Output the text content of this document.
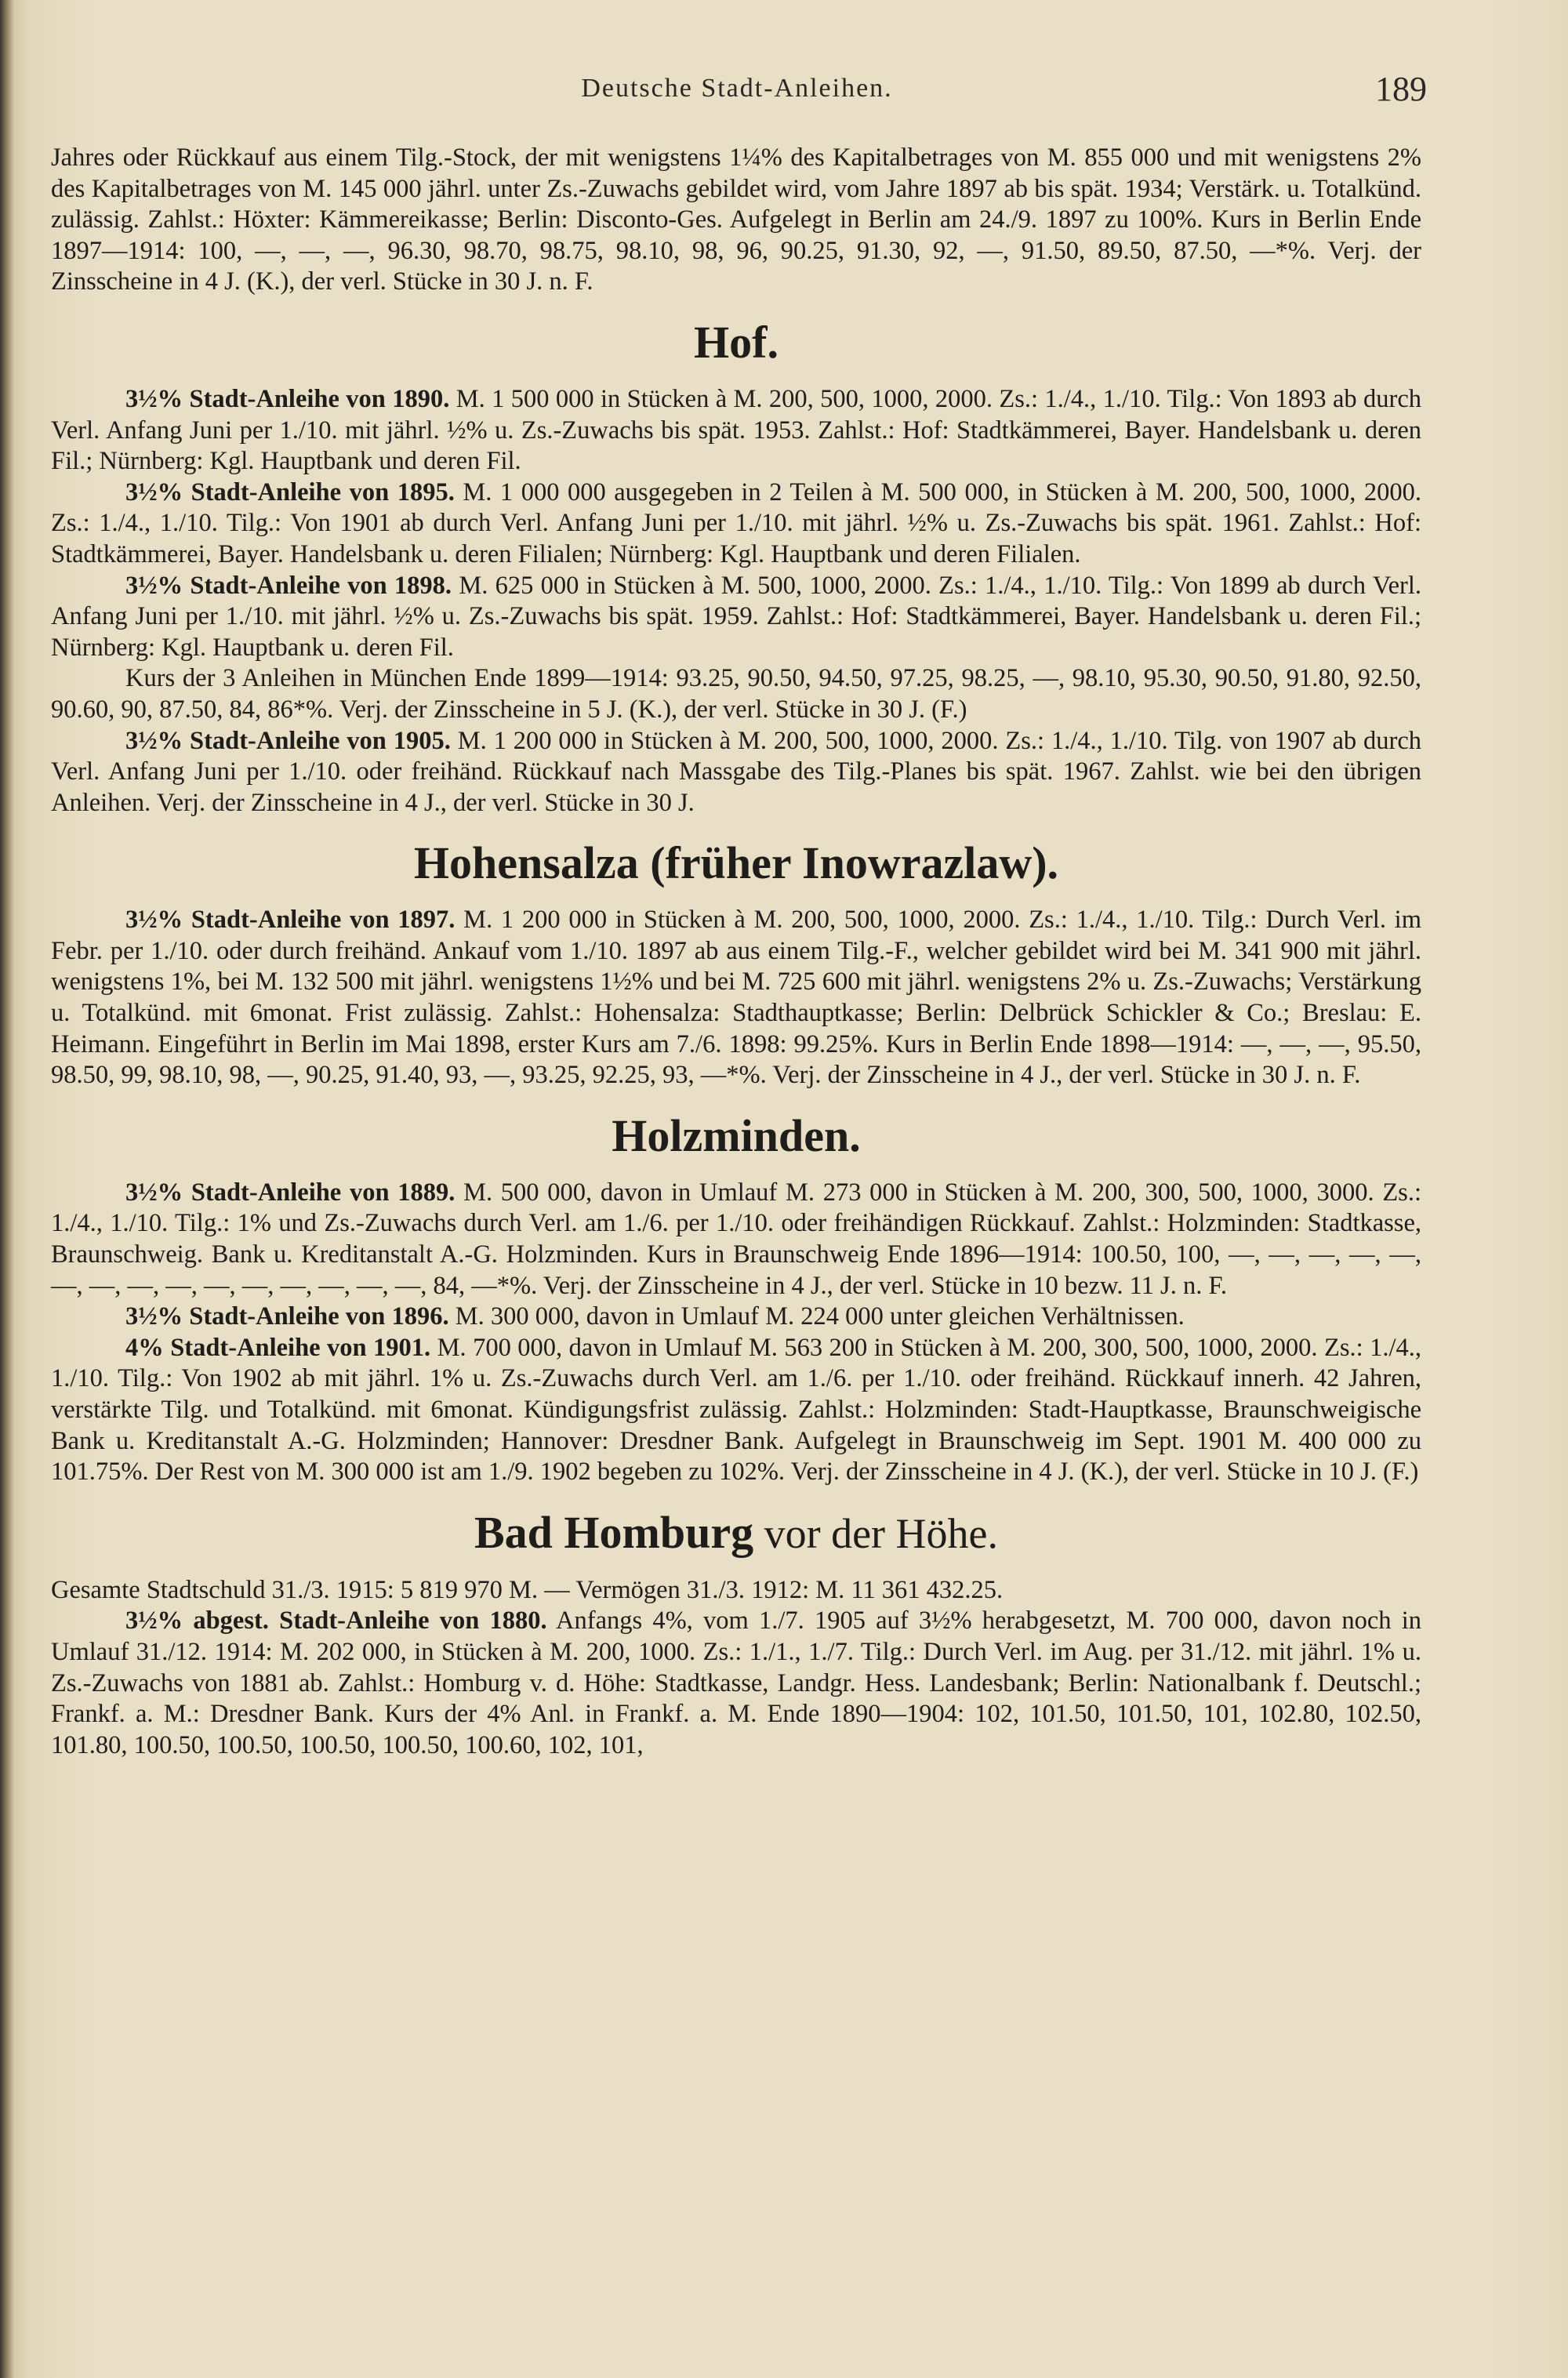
Deutsche Stadt-Anleihen.	189

Jahres oder Rückkauf aus einem Tilg.-Stock, der mit wenigstens 1¼% des Kapitalbetrages von M. 855 000 und mit wenigstens 2% des Kapitalbetrages von M. 145 000 jährl. unter Zs.-Zuwachs gebildet wird, vom Jahre 1897 ab bis spät. 1934; Verstärk. u. Totalkünd. zulässig. Zahlst.: Höxter: Kämmereikasse; Berlin: Disconto-Ges. Aufgelegt in Berlin am 24./9. 1897 zu 100%. Kurs in Berlin Ende 1897—1914: 100, —, —, —, 96.30, 98.70, 98.75, 98.10, 98, 96, 90.25, 91.30, 92, —, 91.50, 89.50, 87.50, —*%. Verj. der Zinsscheine in 4 J. (K.), der verl. Stücke in 30 J. n. F.

Hof.

3½% Stadt-Anleihe von 1890. M. 1 500 000 in Stücken à M. 200, 500, 1000, 2000. Zs.: 1./4., 1./10. Tilg.: Von 1893 ab durch Verl. Anfang Juni per 1./10. mit jährl. ½% u. Zs.-Zuwachs bis spät. 1953. Zahlst.: Hof: Stadtkämmerei, Bayer. Handelsbank u. deren Fil.; Nürnberg: Kgl. Hauptbank und deren Fil.

3½% Stadt-Anleihe von 1895. M. 1 000 000 ausgegeben in 2 Teilen à M. 500 000, in Stücken à M. 200, 500, 1000, 2000. Zs.: 1./4., 1./10. Tilg.: Von 1901 ab durch Verl. Anfang Juni per 1./10. mit jährl. ½% u. Zs.-Zuwachs bis spät. 1961. Zahlst.: Hof: Stadtkämmerei, Bayer. Handelsbank u. deren Filialen; Nürnberg: Kgl. Hauptbank und deren Filialen.

3½% Stadt-Anleihe von 1898. M. 625 000 in Stücken à M. 500, 1000, 2000. Zs.: 1./4., 1./10. Tilg.: Von 1899 ab durch Verl. Anfang Juni per 1./10. mit jährl. ½% u. Zs.-Zuwachs bis spät. 1959. Zahlst.: Hof: Stadtkämmerei, Bayer. Handelsbank u. deren Fil.; Nürnberg: Kgl. Hauptbank u. deren Fil.

Kurs der 3 Anleihen in München Ende 1899—1914: 93.25, 90.50, 94.50, 97.25, 98.25, —, 98.10, 95.30, 90.50, 91.80, 92.50, 90.60, 90, 87.50, 84, 86*%. Verj. der Zinsscheine in 5 J. (K.), der verl. Stücke in 30 J. (F.)

3½% Stadt-Anleihe von 1905. M. 1 200 000 in Stücken à M. 200, 500, 1000, 2000. Zs.: 1./4., 1./10. Tilg. von 1907 ab durch Verl. Anfang Juni per 1./10. oder freihänd. Rückkauf nach Massgabe des Tilg.-Planes bis spät. 1967. Zahlst. wie bei den übrigen Anleihen. Verj. der Zinsscheine in 4 J., der verl. Stücke in 30 J.

Hohensalza (früher Inowrazlaw).

3½% Stadt-Anleihe von 1897. M. 1 200 000 in Stücken à M. 200, 500, 1000, 2000. Zs.: 1./4., 1./10. Tilg.: Durch Verl. im Febr. per 1./10. oder durch freihänd. Ankauf vom 1./10. 1897 ab aus einem Tilg.-F., welcher gebildet wird bei M. 341 900 mit jährl. wenigstens 1%, bei M. 132 500 mit jährl. wenigstens 1½% und bei M. 725 600 mit jährl. wenigstens 2% u. Zs.-Zuwachs; Verstärkung u. Totalkünd. mit 6monat. Frist zulässig. Zahlst.: Hohensalza: Stadthauptkasse; Berlin: Delbrück Schickler & Co.; Breslau: E. Heimann. Eingeführt in Berlin im Mai 1898, erster Kurs am 7./6. 1898: 99.25%. Kurs in Berlin Ende 1898—1914: —, —, —, 95.50, 98.50, 99, 98.10, 98, —, 90.25, 91.40, 93, —, 93.25, 92.25, 93, —*%. Verj. der Zinsscheine in 4 J., der verl. Stücke in 30 J. n. F.

Holzminden.

3½% Stadt-Anleihe von 1889. M. 500 000, davon in Umlauf M. 273 000 in Stücken à M. 200, 300, 500, 1000, 3000. Zs.: 1./4., 1./10. Tilg.: 1% und Zs.-Zuwachs durch Verl. am 1./6. per 1./10. oder freihändigen Rückkauf. Zahlst.: Holzminden: Stadtkasse, Braunschweig. Bank u. Kreditanstalt A.-G. Holzminden. Kurs in Braunschweig Ende 1896—1914: 100.50, 100, —, —, —, —, —, —, —, —, —, —, —, —, —, —, —, 84, —*%. Verj. der Zinsscheine in 4 J., der verl. Stücke in 10 bezw. 11 J. n. F.

3½% Stadt-Anleihe von 1896. M. 300 000, davon in Umlauf M. 224 000 unter gleichen Verhältnissen.

4% Stadt-Anleihe von 1901. M. 700 000, davon in Umlauf M. 563 200 in Stücken à M. 200, 300, 500, 1000, 2000. Zs.: 1./4., 1./10. Tilg.: Von 1902 ab mit jährl. 1% u. Zs.-Zuwachs durch Verl. am 1./6. per 1./10. oder freihänd. Rückkauf innerh. 42 Jahren, verstärkte Tilg. und Totalkünd. mit 6monat. Kündigungsfrist zulässig. Zahlst.: Holzminden: Stadt-Hauptkasse, Braunschweigische Bank u. Kreditanstalt A.-G. Holzminden; Hannover: Dresdner Bank. Aufgelegt in Braunschweig im Sept. 1901 M. 400 000 zu 101.75%. Der Rest von M. 300 000 ist am 1./9. 1902 begeben zu 102%. Verj. der Zinsscheine in 4 J. (K.), der verl. Stücke in 10 J. (F.)

Bad Homburg vor der Höhe.

Gesamte Stadtschuld 31./3. 1915: 5 819 970 M. — Vermögen 31./3. 1912: M. 11 361 432.25.

3½% abgest. Stadt-Anleihe von 1880. Anfangs 4%, vom 1./7. 1905 auf 3½% herabgesetzt, M. 700 000, davon noch in Umlauf 31./12. 1914: M. 202 000, in Stücken à M. 200, 1000. Zs.: 1./1., 1./7. Tilg.: Durch Verl. im Aug. per 31./12. mit jährl. 1% u. Zs.-Zuwachs von 1881 ab. Zahlst.: Homburg v. d. Höhe: Stadtkasse, Landgr. Hess. Landesbank; Berlin: Nationalbank f. Deutschl.; Frankf. a. M.: Dresdner Bank. Kurs der 4% Anl. in Frankf. a. M. Ende 1890—1904: 102, 101.50, 101.50, 101, 102.80, 102.50, 101.80, 100.50, 100.50, 100.50, 100.50, 100.60, 102, 101,
